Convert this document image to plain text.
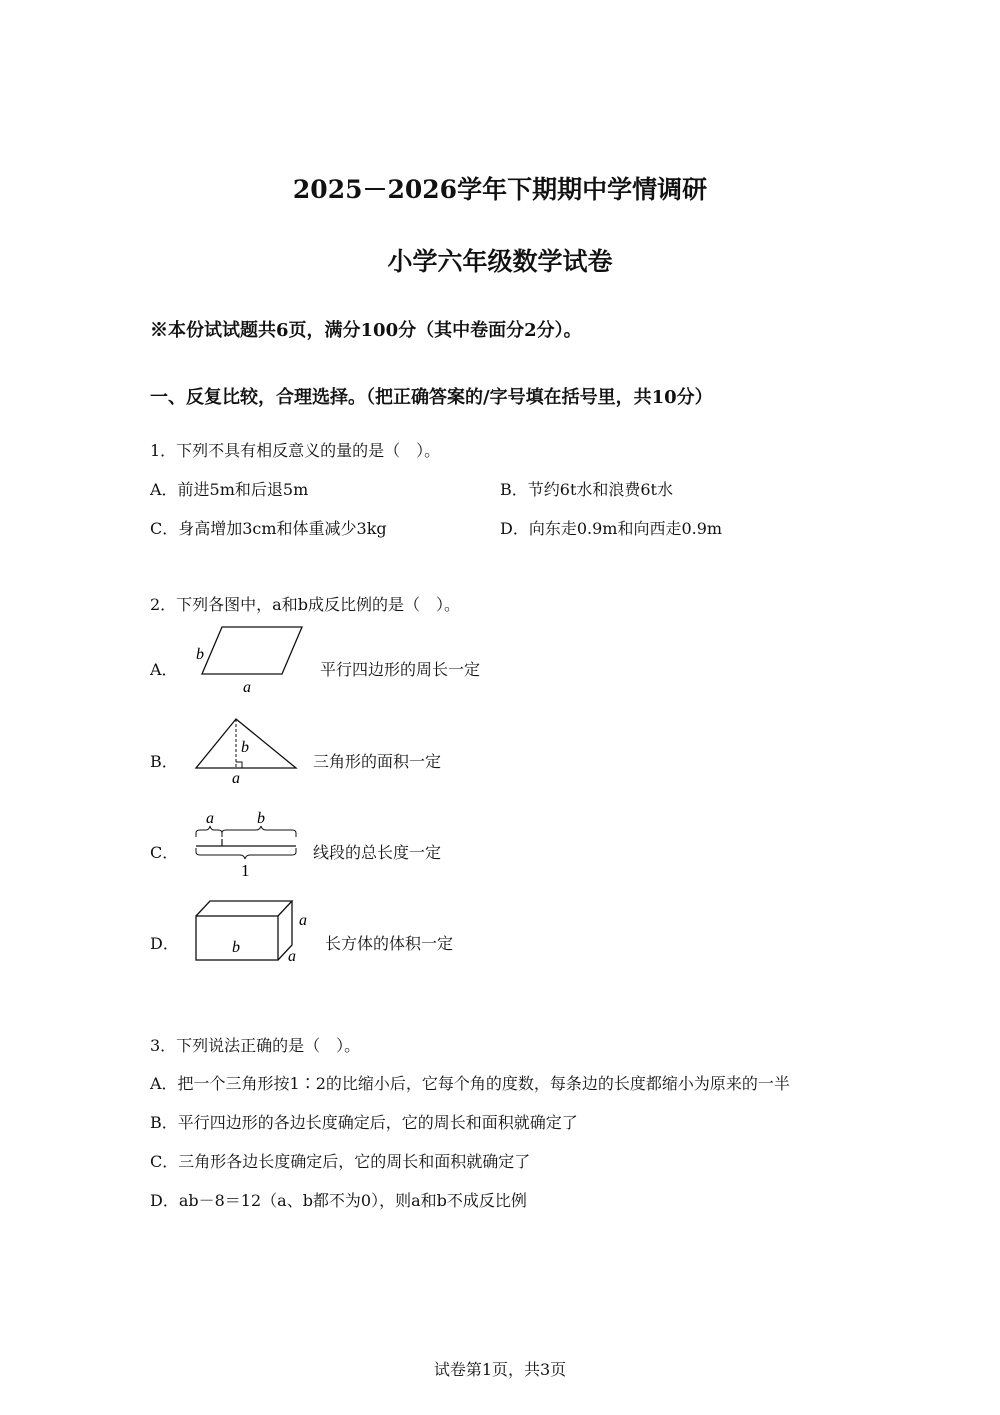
2025－2026学年下期期中学情调研
小学六年级数学试卷
※本份试试题共6页，满分100分（其中卷面分2分）。
一、反复比较，合理选择。（把正确答案的/字号填在括号里，共10分）
1．下列不具有相反意义的量的是（　）。
A．前进5m和后退5m	B．节约6t水和浪费6t水
C．身高增加3cm和体重减少3kg	D．向东走0.9m和向西走0.9m
2．下列各图中，a和b成反比例的是（　）。
A．
b
a
平行四边形的周长一定
B．
b
a
三角形的面积一定
C．
a	b
1
线段的总长度一定
D．
a
b
a
长方体的体积一定
3．下列说法正确的是（　）。
A．把一个三角形按1∶2的比缩小后，它每个角的度数，每条边的长度都缩小为原来的一半
B．平行四边形的各边长度确定后，它的周长和面积就确定了
C．三角形各边长度确定后，它的周长和面积就确定了
D．ab－8＝12（a、b都不为0），则a和b不成反比例
试卷第1页，共3页
